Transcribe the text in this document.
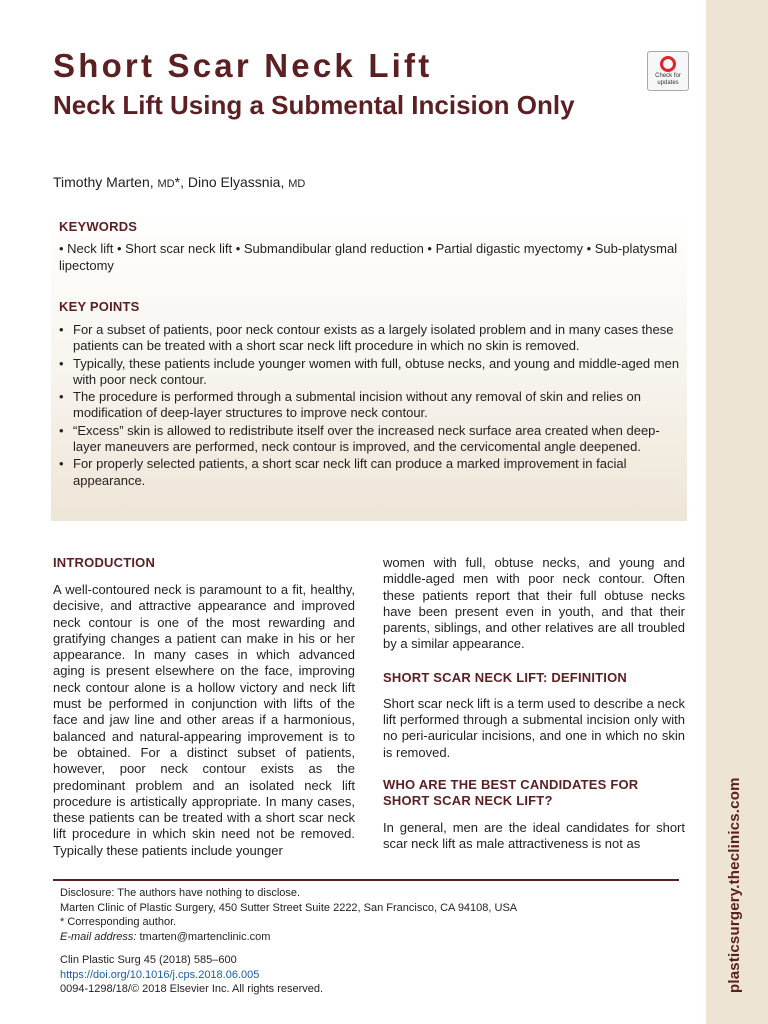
plasticsurgery.theclinics.com
Short Scar Neck Lift
Neck Lift Using a Submental Incision Only
Check for
updates
Timothy Marten, MD*, Dino Elyassnia, MD
KEYWORDS
• Neck lift • Short scar neck lift • Submandibular gland reduction • Partial digastic myectomy • Sub-platysmal lipectomy
KEY POINTS
• For a subset of patients, poor neck contour exists as a largely isolated problem and in many cases these patients can be treated with a short scar neck lift procedure in which no skin is removed.
• Typically, these patients include younger women with full, obtuse necks, and young and middle-aged men with poor neck contour.
• The procedure is performed through a submental incision without any removal of skin and relies on modification of deep-layer structures to improve neck contour.
• “Excess” skin is allowed to redistribute itself over the increased neck surface area created when deep-layer maneuvers are performed, neck contour is improved, and the cervicomental angle deepened.
• For properly selected patients, a short scar neck lift can produce a marked improvement in facial appearance.
INTRODUCTION

A well-contoured neck is paramount to a fit, healthy, decisive, and attractive appearance and improved neck contour is one of the most rewarding and gratifying changes a patient can make in his or her appearance. In many cases in which advanced aging is present elsewhere on the face, improving neck contour alone is a hollow victory and neck lift must be performed in conjunction with lifts of the face and jaw line and other areas if a harmonious, balanced and natural-appearing improvement is to be obtained. For a distinct subset of patients, however, poor neck contour exists as the predominant problem and an isolated neck lift procedure is artistically appropriate. In many cases, these patients can be treated with a short scar neck lift procedure in which skin need not be removed. Typically these patients include younger

women with full, obtuse necks, and young and middle-aged men with poor neck contour. Often these patients report that their full obtuse necks have been present even in youth, and that their parents, siblings, and other relatives are all troubled by a similar appearance.

SHORT SCAR NECK LIFT: DEFINITION

Short scar neck lift is a term used to describe a neck lift performed through a submental incision only with no peri-auricular incisions, and one in which no skin is removed.

WHO ARE THE BEST CANDIDATES FOR SHORT SCAR NECK LIFT?

In general, men are the ideal candidates for short scar neck lift as male attractiveness is not as

Disclosure: The authors have nothing to disclose.
Marten Clinic of Plastic Surgery, 450 Sutter Street Suite 2222, San Francisco, CA 94108, USA
* Corresponding author.
E-mail address: tmarten@martenclinic.com
Clin Plastic Surg 45 (2018) 585–600
https://doi.org/10.1016/j.cps.2018.06.005
0094-1298/18/© 2018 Elsevier Inc. All rights reserved.
